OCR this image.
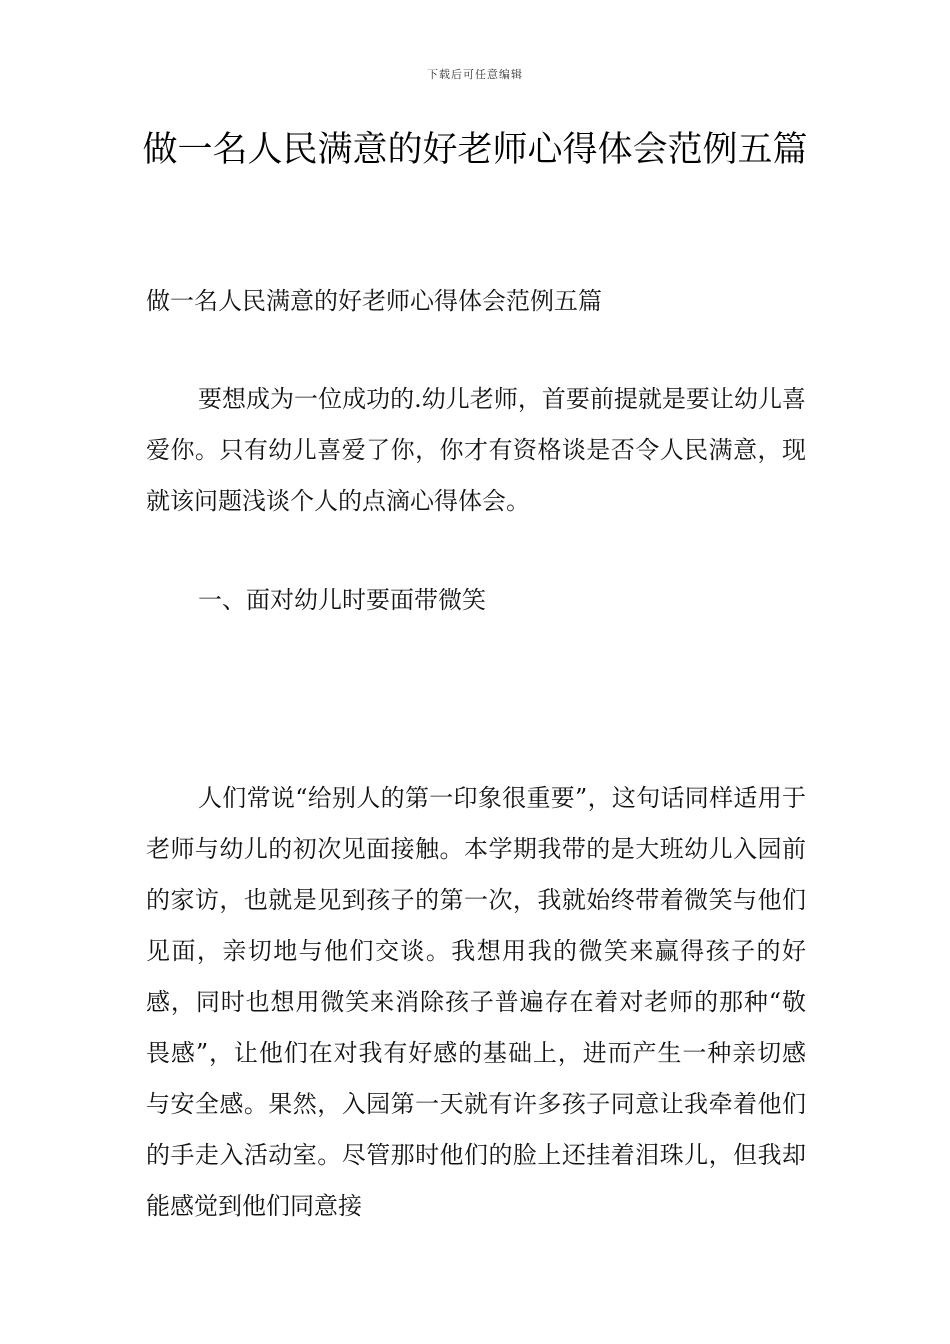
下载后可任意编辑
做一名人民满意的好老师心得体会范例五篇

做一名人民满意的好老师心得体会范例五篇

要想成为一位成功的.幼儿老师，首要前提就是要让幼儿喜爱你。只有幼儿喜爱了你，你才有资格谈是否令人民满意，现就该问题浅谈个人的点滴心得体会。

一、面对幼儿时要面带微笑

人们常说“给别人的第一印象很重要”，这句话同样适用于老师与幼儿的初次见面接触。本学期我带的是大班幼儿入园前的家访，也就是见到孩子的第一次，我就始终带着微笑与他们见面，亲切地与他们交谈。我想用我的微笑来赢得孩子的好感，同时也想用微笑来消除孩子普遍存在着对老师的那种“敬畏感”，让他们在对我有好感的基础上，进而产生一种亲切感与安全感。果然，入园第一天就有许多孩子同意让我牵着他们的手走入活动室。尽管那时他们的脸上还挂着泪珠儿，但我却能感觉到他们同意接
